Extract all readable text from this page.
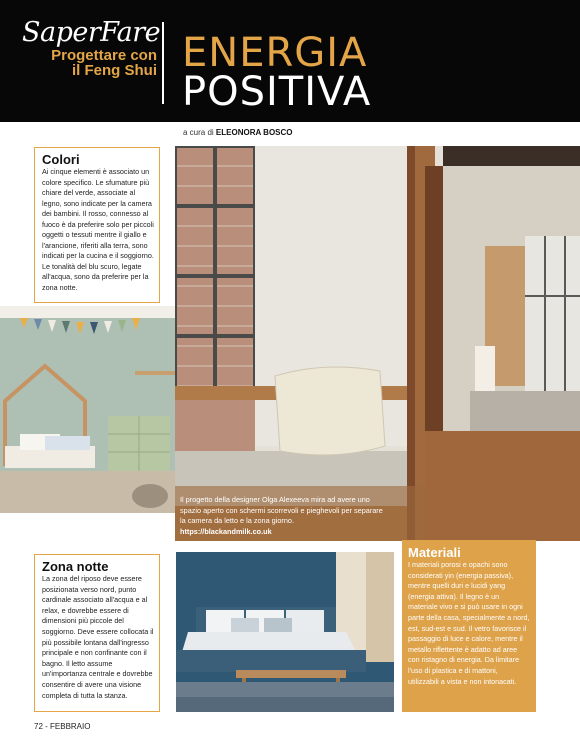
SaperFare
Progettare con
il Feng Shui ENERGIA
POSITIVA
a cura di ELEONORA BOSCO
Colori
Ai cinque elementi è associato un colore specifico. Le sfumature più chiare del verde, associate al legno, sono indicate per la camera dei bambini. Il rosso, connesso al fuoco è da preferire solo per piccoli oggetti o tessuti mentre il giallo e l'arancione, riferiti alla terra, sono indicati per la cucina e il soggiorno. Le tonalità del blu scuro, legate all'acqua, sono da preferire per la zona notte.
Il progetto della designer Olga Alexeeva mira ad avere uno spazio aperto con schermi scorrevoli e pieghevoli per separare la camera da letto e la zona giorno.
https://blackandmilk.co.uk
Zona notte
La zona del riposo deve essere posizionata verso nord, punto cardinale associato all'acqua e al relax, e dovrebbe essere di dimensioni più piccole del soggiorno. Deve essere collocata il più possibile lontana dall'ingresso principale e non confinante con il bagno. Il letto assume un'importanza centrale e dovrebbe consentire di avere una visione completa di tutta la stanza.
Materiali
I materiali porosi e opachi sono considerati yin (energia passiva), mentre quelli duri e lucidi yang (energia attiva). Il legno è un materiale vivo e si può usare in ogni parte della casa, specialmente a nord, est, sud-est e sud. Il vetro favorisce il passaggio di luce e calore, mentre il metallo riflettente è adatto ad aree con ristagno di energia. Da limitare l'uso di plastica e di mattoni, utilizzabili a vista e non intonacati.
72 - FEBBRAIO
